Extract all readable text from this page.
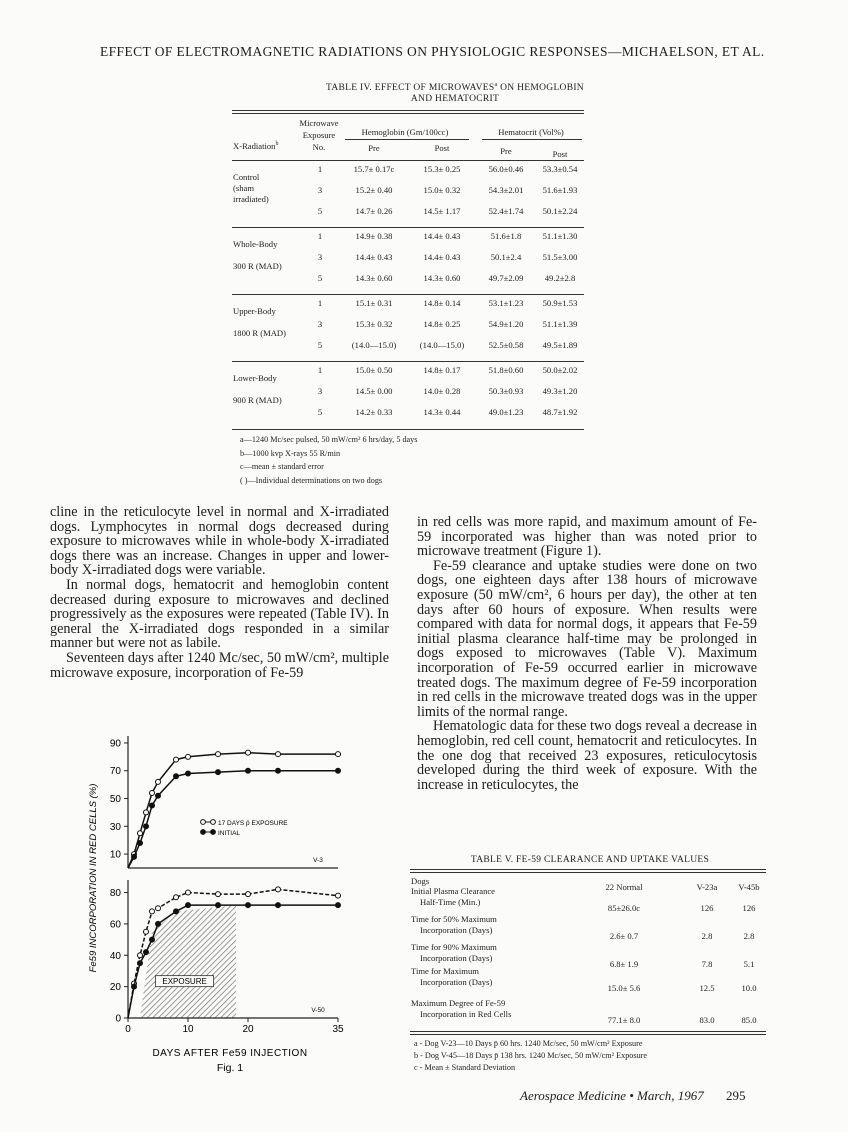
EFFECT OF ELECTROMAGNETIC RADIATIONS ON PHYSIOLOGIC RESPONSES—MICHAELSON, ET AL.
TABLE IV. EFFECT OF MICROWAVES$^a$ ON HEMOGLOBIN
AND HEMATOCRIT
X-Radiation$^b$
Microwave
Exposure
No.
Hemoglobin (Gm/100cc)	Hematocrit (Vol%)
Pre	Post	Pre	Post
Control
(sham
irradiated)
1	15.7± 0.17c	15.3± 0.25	56.0±0.46	53.3±0.54
3	15.2± 0.40	15.0± 0.32	54.3±2.01	51.6±1.93
5	14.7± 0.26	14.5± 1.17	52.4±1.74	50.1±2.24
Whole-Body
300 R (MAD)
1	14.9± 0.38	14.4± 0.43	51.6±1.8	51.1±1.30
3	14.4± 0.43	14.4± 0.43	50.1±2.4	51.5±3.00
5	14.3± 0.60	14.3± 0.60	49.7±2.09	49.2±2.8
Upper-Body
1800 R (MAD)
1	15.1± 0.31	14.8± 0.14	53.1±1.23	50.9±1.53
3	15.3± 0.32	14.8± 0.25	54.9±1.20	51.1±1.39
5	(14.0—15.0)	(14.0—15.0)	52.5±0.58	49.5±1.89
Lower-Body
900 R (MAD)
1	15.0± 0.50	14.8± 0.17	51.8±0.60	50.0±2.02
3	14.5± 0.00	14.0± 0.28	50.3±0.93	49.3±1.20
5	14.2± 0.33	14.3± 0.44	49.0±1.23	48.7±1.92
a—1240 Mc/sec pulsed, 50 mW/cm² 6 hrs/day, 5 days
b—1000 kvp X-rays 55 R/min
c—mean ± standard error
( )—Individual determinations on two dogs

cline in the reticulocyte level in normal and X-irradiated dogs. Lymphocytes in normal dogs decreased during exposure to microwaves while in whole-body X-irradiated dogs there was an increase. Changes in upper and lower-body X-irradiated dogs were variable.

In normal dogs, hematocrit and hemoglobin content decreased during exposure to microwaves and declined progressively as the exposures were repeated (Table IV). In general the X-irradiated dogs responded in a similar manner but were not as labile.

Seventeen days after 1240 Mc/sec, 50 mW/cm², multiple microwave exposure, incorporation of Fe-59

in red cells was more rapid, and maximum amount of Fe-59 incorporated was higher than was noted prior to microwave treatment (Figure 1).

Fe-59 clearance and uptake studies were done on two dogs, one eighteen days after 138 hours of microwave exposure (50 mW/cm², 6 hours per day), the other at ten days after 60 hours of exposure. When results were compared with data for normal dogs, it appears that Fe-59 initial plasma clearance half-time may be prolonged in dogs exposed to microwaves (Table V). Maximum incorporation of Fe-59 occurred earlier in microwave treated dogs. The maximum degree of Fe-59 incorporation in red cells in the microwave treated dogs was in the upper limits of the normal range.

Hematologic data for these two dogs reveal a decrease in hemoglobin, red cell count, hematocrit and reticulocytes. In the one dog that received 23 exposures, reticulocytosis developed during the third week of exposure. With the increase in reticulocytes, the

EXPOSURE
90
70
50
30
10	V-3
80
60
40
20
0
V-50
0	10	20	35
17 DAYS p̄ EXPOSURE
INITIAL
Fe59 INCORPORATION IN RED CELLS (%)
DAYS AFTER Fe59 INJECTION
Fig. 1
TABLE V. FE-59 CLEARANCE AND UPTAKE VALUES
Dogs
22 Normal	V-23a	V-45b
Initial Plasma Clearance
Half-Time (Min.)
85±26.0c	126	126
Time for 50% Maximum
Incorporation (Days)
2.6± 0.7	2.8	2.8
Time for 90% Maximum
Incorporation (Days)
6.8± 1.9	7.8	5.1
Time for Maximum
Incorporation (Days)
15.0± 5.6	12.5	10.0
Maximum Degree of Fe-59
Incorporation in Red Cells
77.1± 8.0	83.0	85.0
a - Dog V-23—10 Days p̄ 60 hrs. 1240 Mc/sec, 50 mW/cm² Exposure
b - Dog V-45—18 Days p̄ 138 hrs. 1240 Mc/sec, 50 mW/cm² Exposure
c - Mean ± Standard Deviation
Aerospace Medicine • March, 1967 295
